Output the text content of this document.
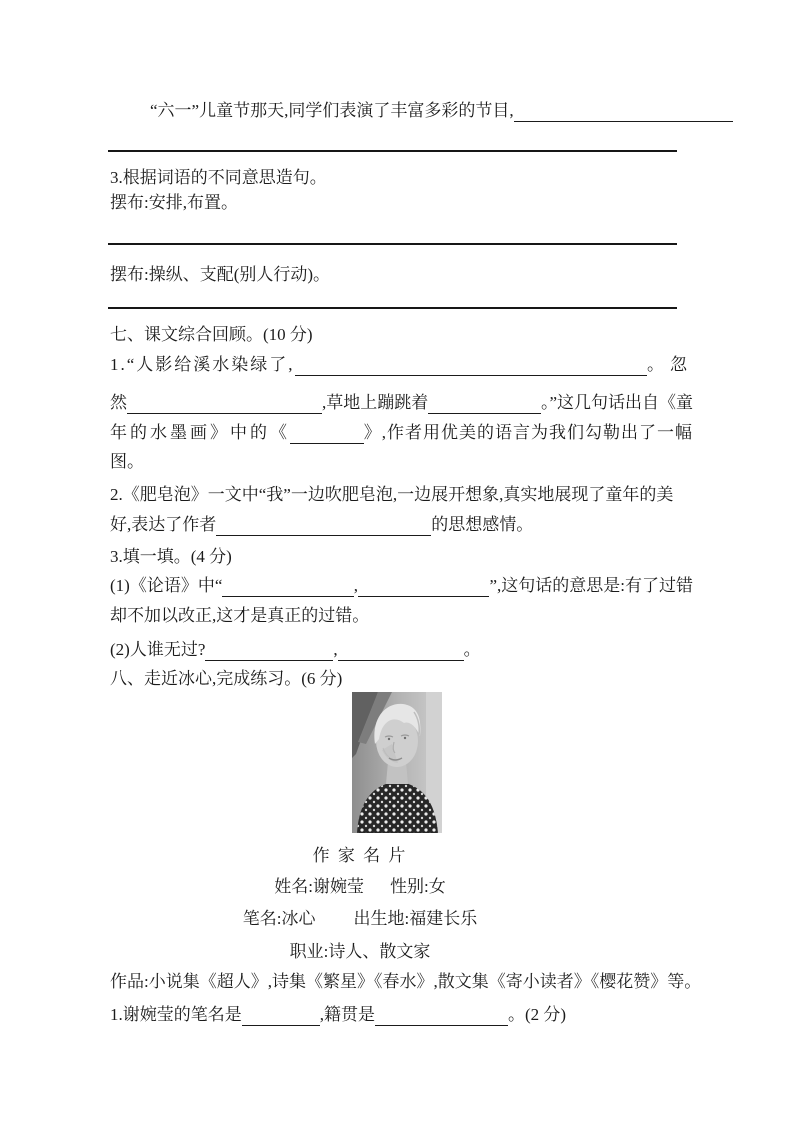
“六一”儿童节那天,同学们表演了丰富多彩的节目,
3.根据词语的不同意思造句。
摆布:安排,布置。
摆布:操纵、支配(别人行动)。
七、课文综合回顾。(10 分)
1.“人影给溪水染绿了,	。忽
然	,草地上蹦跳着	。”这几句话出自《童
年的水墨画》中的《	》,作者用优美的语言为我们勾勒出了一幅
图。
2.《肥皂泡》一文中“我”一边吹肥皂泡,一边展开想象,真实地展现了童年的美
好,表达了作者	的思想感情。
3.填一填。(4 分)
(1)《论语》中“	,	”,这句话的意思是:有了过错
却不加以改正,这才是真正的过错。
(2)人谁无过?	,	。
八、走近冰心,完成练习。(6 分)
作 家 名 片
姓名:谢婉莹 性别:女
笔名:冰心 出生地:福建长乐
职业:诗人、散文家
作品:小说集《超人》,诗集《繁星》《春水》,散文集《寄小读者》《樱花赞》等。
1.谢婉莹的笔名是	,籍贯是	。(2 分)
